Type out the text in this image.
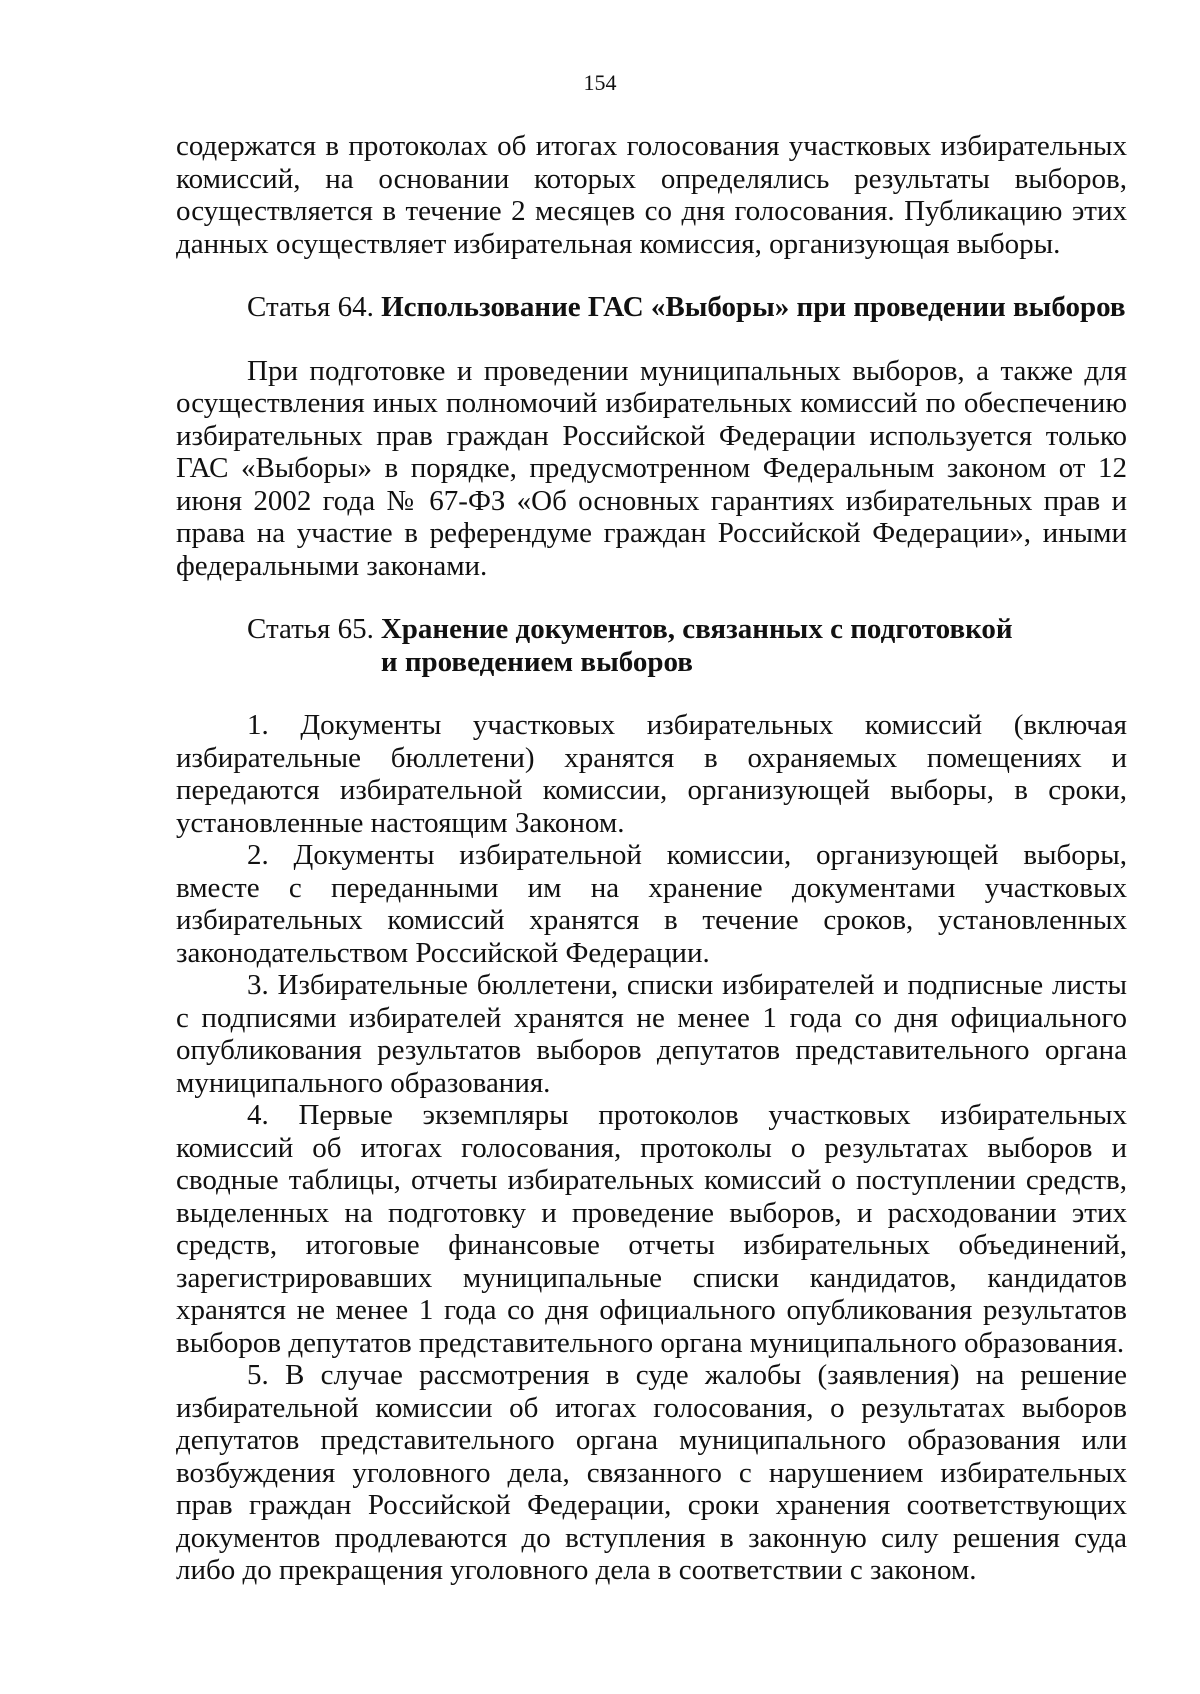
154

содержатся в протоколах об итогах голосования участковых избирательных комиссий, на основании которых определялись результаты выборов, осуществляется в течение 2 месяцев со дня голосования. Публикацию этих данных осуществляет избирательная комиссия, организующая выборы.

Статья 64. Использование ГАС «Выборы» при проведении выборов

При подготовке и проведении муниципальных выборов, а также для осуществления иных полномочий избирательных комиссий по обеспечению избирательных прав граждан Российской Федерации используется только ГАС «Выборы» в порядке, предусмотренном Федеральным законом от 12 июня 2002 года № 67-ФЗ «Об основных гарантиях избирательных прав и права на участие в референдуме граждан Российской Федерации», иными федеральными законами.

Статья 65. Хранение документов, связанных с подготовкой
и проведением выборов

1. Документы участковых избирательных комиссий (включая избирательные бюллетени) хранятся в охраняемых помещениях и передаются избирательной комиссии, организующей выборы, в сроки, установленные настоящим Законом.

2. Документы избирательной комиссии, организующей выборы, вместе с переданными им на хранение документами участковых избирательных комиссий хранятся в течение сроков, установленных законодательством Российской Федерации.

3. Избирательные бюллетени, списки избирателей и подписные листы с подписями избирателей хранятся не менее 1 года со дня официального опубликования результатов выборов депутатов представительного органа муниципального образования.

4. Первые экземпляры протоколов участковых избирательных комиссий об итогах голосования, протоколы о результатах выборов и сводные таблицы, отчеты избирательных комиссий о поступлении средств, выделенных на подготовку и проведение выборов, и расходовании этих средств, итоговые финансовые отчеты избирательных объединений, зарегистрировавших муниципальные списки кандидатов, кандидатов хранятся не менее 1 года со дня официального опубликования результатов выборов депутатов представительного органа муниципального образования.

5. В случае рассмотрения в суде жалобы (заявления) на решение избирательной комиссии об итогах голосования, о результатах выборов депутатов представительного органа муниципального образования или возбуждения уголовного дела, связанного с нарушением избирательных прав граждан Российской Федерации, сроки хранения соответствующих документов продлеваются до вступления в законную силу решения суда либо до прекращения уголовного дела в соответствии с законом.
